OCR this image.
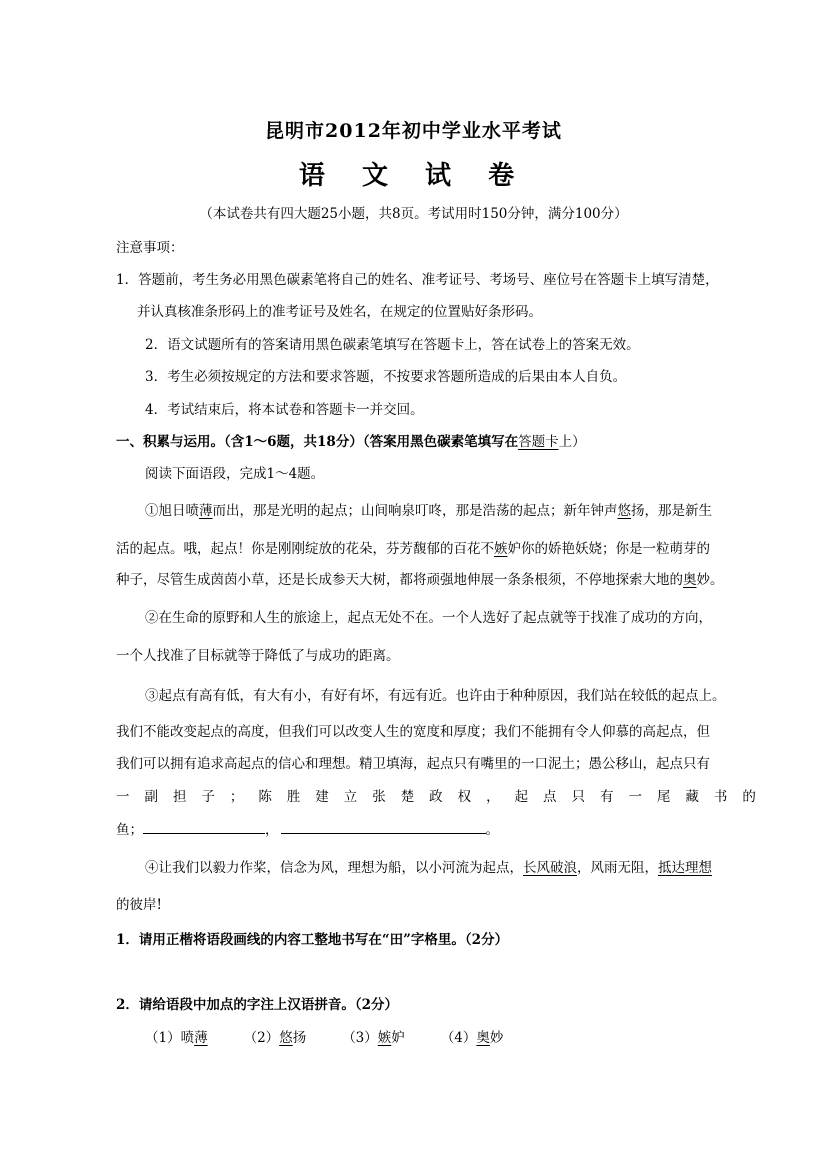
昆明市2012年初中学业水平考试
语 文 试 卷
（本试卷共有四大题25小题，共8页。考试用时150分钟，满分100分）
注意事项：
1．答题前，考生务必用黑色碳素笔将自己的姓名、准考证号、考场号、座位号在答题卡上填写清楚，
并认真核准条形码上的准考证号及姓名，在规定的位置贴好条形码。
2．语文试题所有的答案请用黑色碳素笔填写在答题卡上，答在试卷上的答案无效。
3．考生必须按规定的方法和要求答题，不按要求答题所造成的后果由本人自负。
4．考试结束后，将本试卷和答题卡一并交回。
一、积累与运用。（含1～6题，共18分）（答案用黑色碳素笔填写在答题卡上）
阅读下面语段，完成1～4题。
①旭日喷薄而出，那是光明的起点；山间响泉叮咚，那是浩荡的起点；新年钟声悠扬，那是新生
活的起点。哦，起点！你是刚刚绽放的花朵，芬芳馥郁的百花不嫉妒你的娇艳妖娆；你是一粒萌芽的
种子，尽管生成茵茵小草，还是长成参天大树，都将顽强地伸展一条条根须，不停地探索大地的奥妙。
②在生命的原野和人生的旅途上，起点无处不在。一个人选好了起点就等于找准了成功的方向，
一个人找准了目标就等于降低了与成功的距离。
③起点有高有低，有大有小，有好有坏，有远有近。也许由于种种原因，我们站在较低的起点上。
我们不能改变起点的高度，但我们可以改变人生的宽度和厚度；我们不能拥有令人仰慕的高起点，但
我们可以拥有追求高起点的信心和理想。精卫填海，起点只有嘴里的一口泥土；愚公移山，起点只有
一 副 担 子 ； 陈 胜 建 立 张 楚 政 权 ， 起 点 只 有 一 尾 藏 书 的
鱼；	，	。
④让我们以毅力作桨，信念为风，理想为船，以小河流为起点，长风破浪，风雨无阻，抵达理想
的彼岸!
1．请用正楷将语段画线的内容工整地书写在“田”字格里。（2分）
2．请给语段中加点的字注上汉语拼音。（2分）
（1）喷薄	（2）悠扬	（3）嫉妒	（4）奥妙
